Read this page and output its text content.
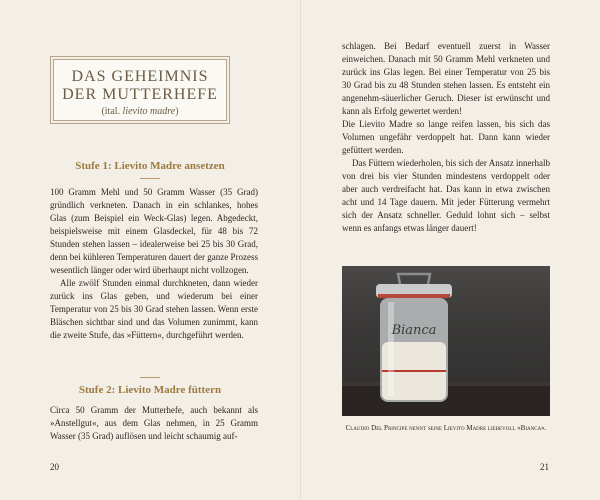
DAS GEHEIMNIS
DER MUTTERHEFE
(ital. lievito madre)
Stufe 1: Lievito Madre ansetzen

100 Gramm Mehl und 50 Gramm Wasser (35 Grad) gründlich verkneten. Danach in ein schlankes, hohes Glas (zum Beispiel ein Weck-Glas) legen. Abgedeckt, beispielsweise mit einem Glasdeckel, für 48 bis 72 Stunden stehen lassen – idealerweise bei 25 bis 30 Grad, denn bei kühleren Temperaturen dauert der ganze Prozess wesentlich länger oder wird überhaupt nicht vollzogen.

Alle zwölf Stunden einmal durchkneten, dann wieder zurück ins Glas geben, und wiederum bei einer Temperatur von 25 bis 30 Grad stehen lassen. Wenn erste Bläschen sichtbar sind und das Volumen zunimmt, kann die zweite Stufe, das »Füttern«, durchgeführt werden.

Stufe 2: Lievito Madre füttern

Circa 50 Gramm der Mutterhefe, auch bekannt als »Anstellgut«, aus dem Glas nehmen, in 25 Gramm Wasser (35 Grad) auflösen und leicht schaumig auf-

20

schlagen. Bei Bedarf eventuell zuerst in Wasser einweichen. Danach mit 50 Gramm Mehl verkneten und zurück ins Glas legen. Bei einer Temperatur von 25 bis 30 Grad bis zu 48 Stunden stehen lassen. Es entsteht ein angenehm-säuerlicher Geruch. Dieser ist erwünscht und kann als Erfolg gewertet werden!

Die Lievito Madre so lange reifen lassen, bis sich das Volumen ungefähr verdoppelt hat. Dann kann wieder gefüttert werden.

Das Füttern wiederholen, bis sich der Ansatz innerhalb von drei bis vier Stunden mindestens verdoppelt oder aber auch verdreifacht hat. Das kann in etwa zwischen acht und 14 Tage dauern. Mit jeder Fütterung vermehrt sich der Ansatz schneller. Geduld lohnt sich – selbst wenn es anfangs etwas länger dauert!

Bianca
Claudio Del Principe nennt seine Lievito Madre liebevoll »Bianca«.
21
